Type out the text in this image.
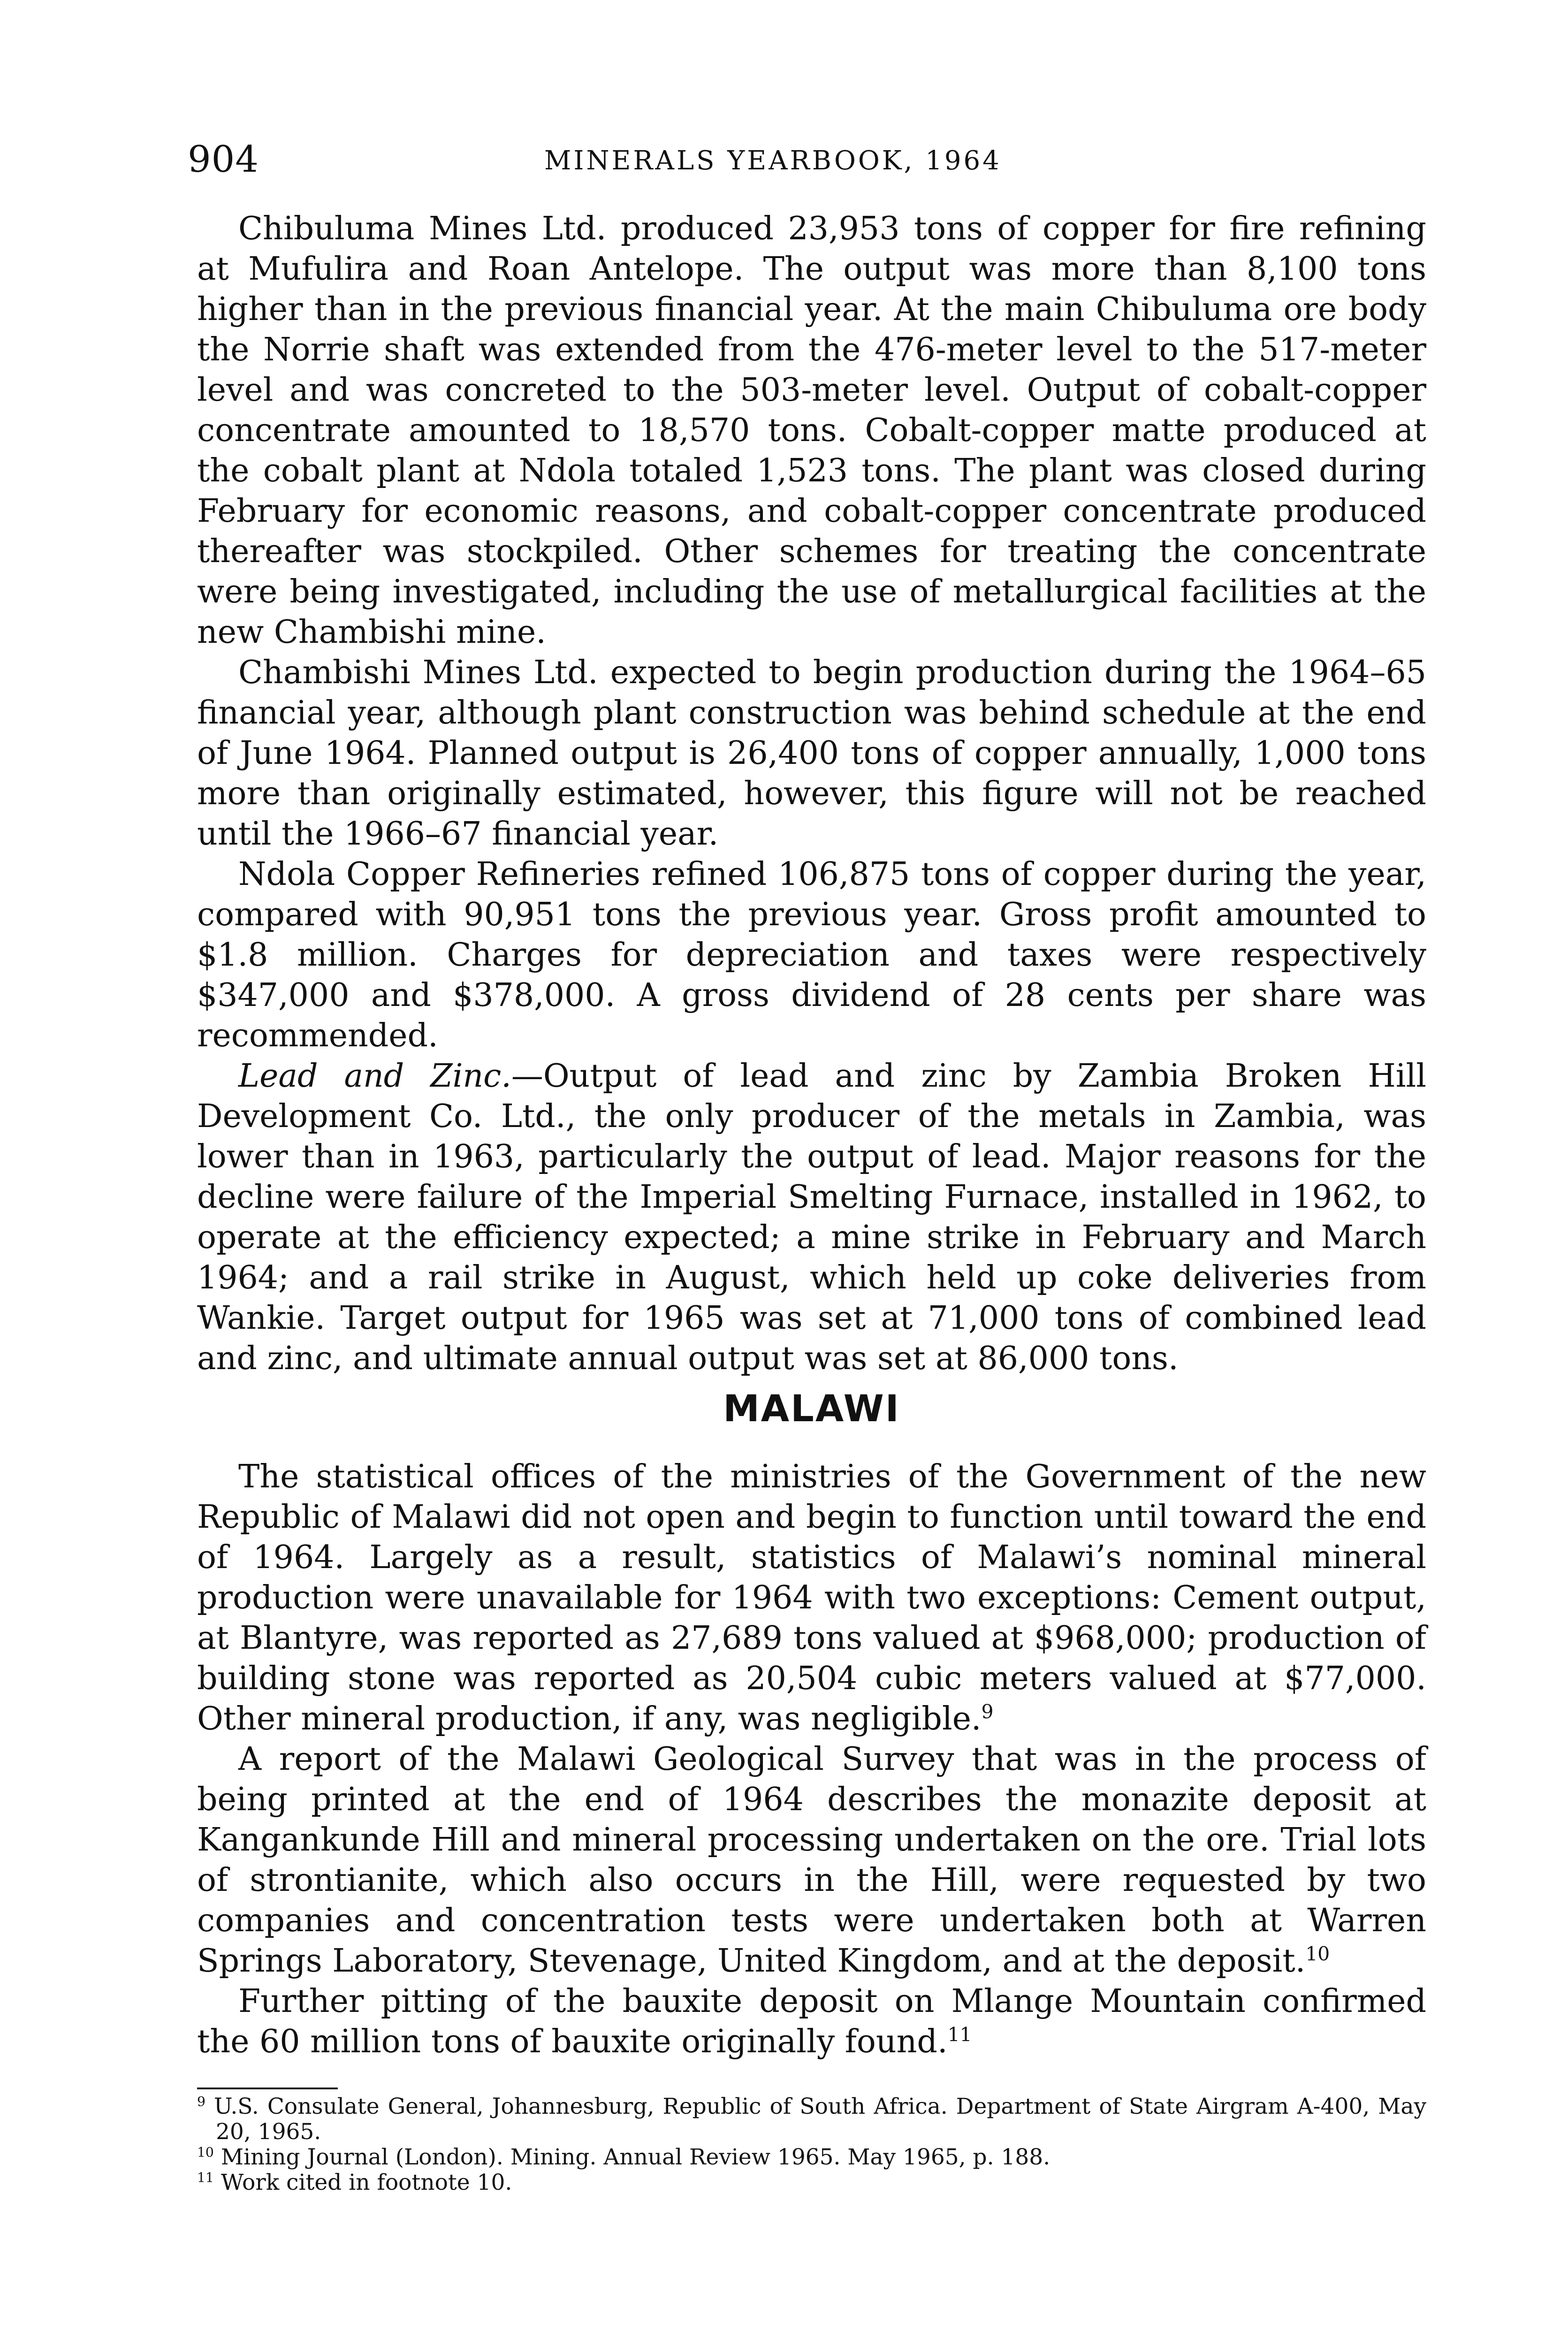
904	MINERALS YEARBOOK, 1964

Chibuluma Mines Ltd. produced 23,953 tons of copper for fire refining at Mufulira and Roan Antelope. The output was more than 8,100 tons higher than in the previous financial year. At the main Chibuluma ore body the Norrie shaft was extended from the 476-meter level to the 517-meter level and was concreted to the 503-meter level. Output of cobalt-copper concentrate amounted to 18,570 tons. Cobalt-copper matte produced at the cobalt plant at Ndola totaled 1,523 tons. The plant was closed during February for economic reasons, and cobalt-copper concentrate produced thereafter was stockpiled. Other schemes for treating the concentrate were being investigated, including the use of metallurgical facilities at the new Chambishi mine.

Chambishi Mines Ltd. expected to begin production during the 1964–65 financial year, although plant construction was behind schedule at the end of June 1964. Planned output is 26,400 tons of copper annually, 1,000 tons more than originally estimated, however, this figure will not be reached until the 1966–67 financial year.

Ndola Copper Refineries refined 106,875 tons of copper during the year, compared with 90,951 tons the previous year. Gross profit amounted to $1.8 million. Charges for depreciation and taxes were respectively $347,000 and $378,000. A gross dividend of 28 cents per share was recommended.

Lead and Zinc.—Output of lead and zinc by Zambia Broken Hill Development Co. Ltd., the only producer of the metals in Zambia, was lower than in 1963, particularly the output of lead. Major reasons for the decline were failure of the Imperial Smelting Furnace, installed in 1962, to operate at the efficiency expected; a mine strike in February and March 1964; and a rail strike in August, which held up coke deliveries from Wankie. Target output for 1965 was set at 71,000 tons of combined lead and zinc, and ultimate annual output was set at 86,000 tons.

MALAWI

The statistical offices of the ministries of the Government of the new Republic of Malawi did not open and begin to function until toward the end of 1964. Largely as a result, statistics of Malawi’s nominal mineral production were unavailable for 1964 with two exceptions: Cement output, at Blantyre, was reported as 27,689 tons valued at $968,000; production of building stone was reported as 20,504 cubic meters valued at $77,000. Other mineral production, if any, was negligible.$^9$

A report of the Malawi Geological Survey that was in the process of being printed at the end of 1964 describes the monazite deposit at Kangankunde Hill and mineral processing undertaken on the ore. Trial lots of strontianite, which also occurs in the Hill, were requested by two companies and concentration tests were undertaken both at Warren Springs Laboratory, Stevenage, United Kingdom, and at the deposit.$^{10}$

Further pitting of the bauxite deposit on Mlange Mountain confirmed the 60 million tons of bauxite originally found.$^{11}$

$^9$ U.S. Consulate General, Johannesburg, Republic of South Africa. Department of State Airgram A-400, May 20, 1965.

$^{10}$ Mining Journal (London). Mining. Annual Review 1965. May 1965, p. 188.

$^{11}$ Work cited in footnote 10.
